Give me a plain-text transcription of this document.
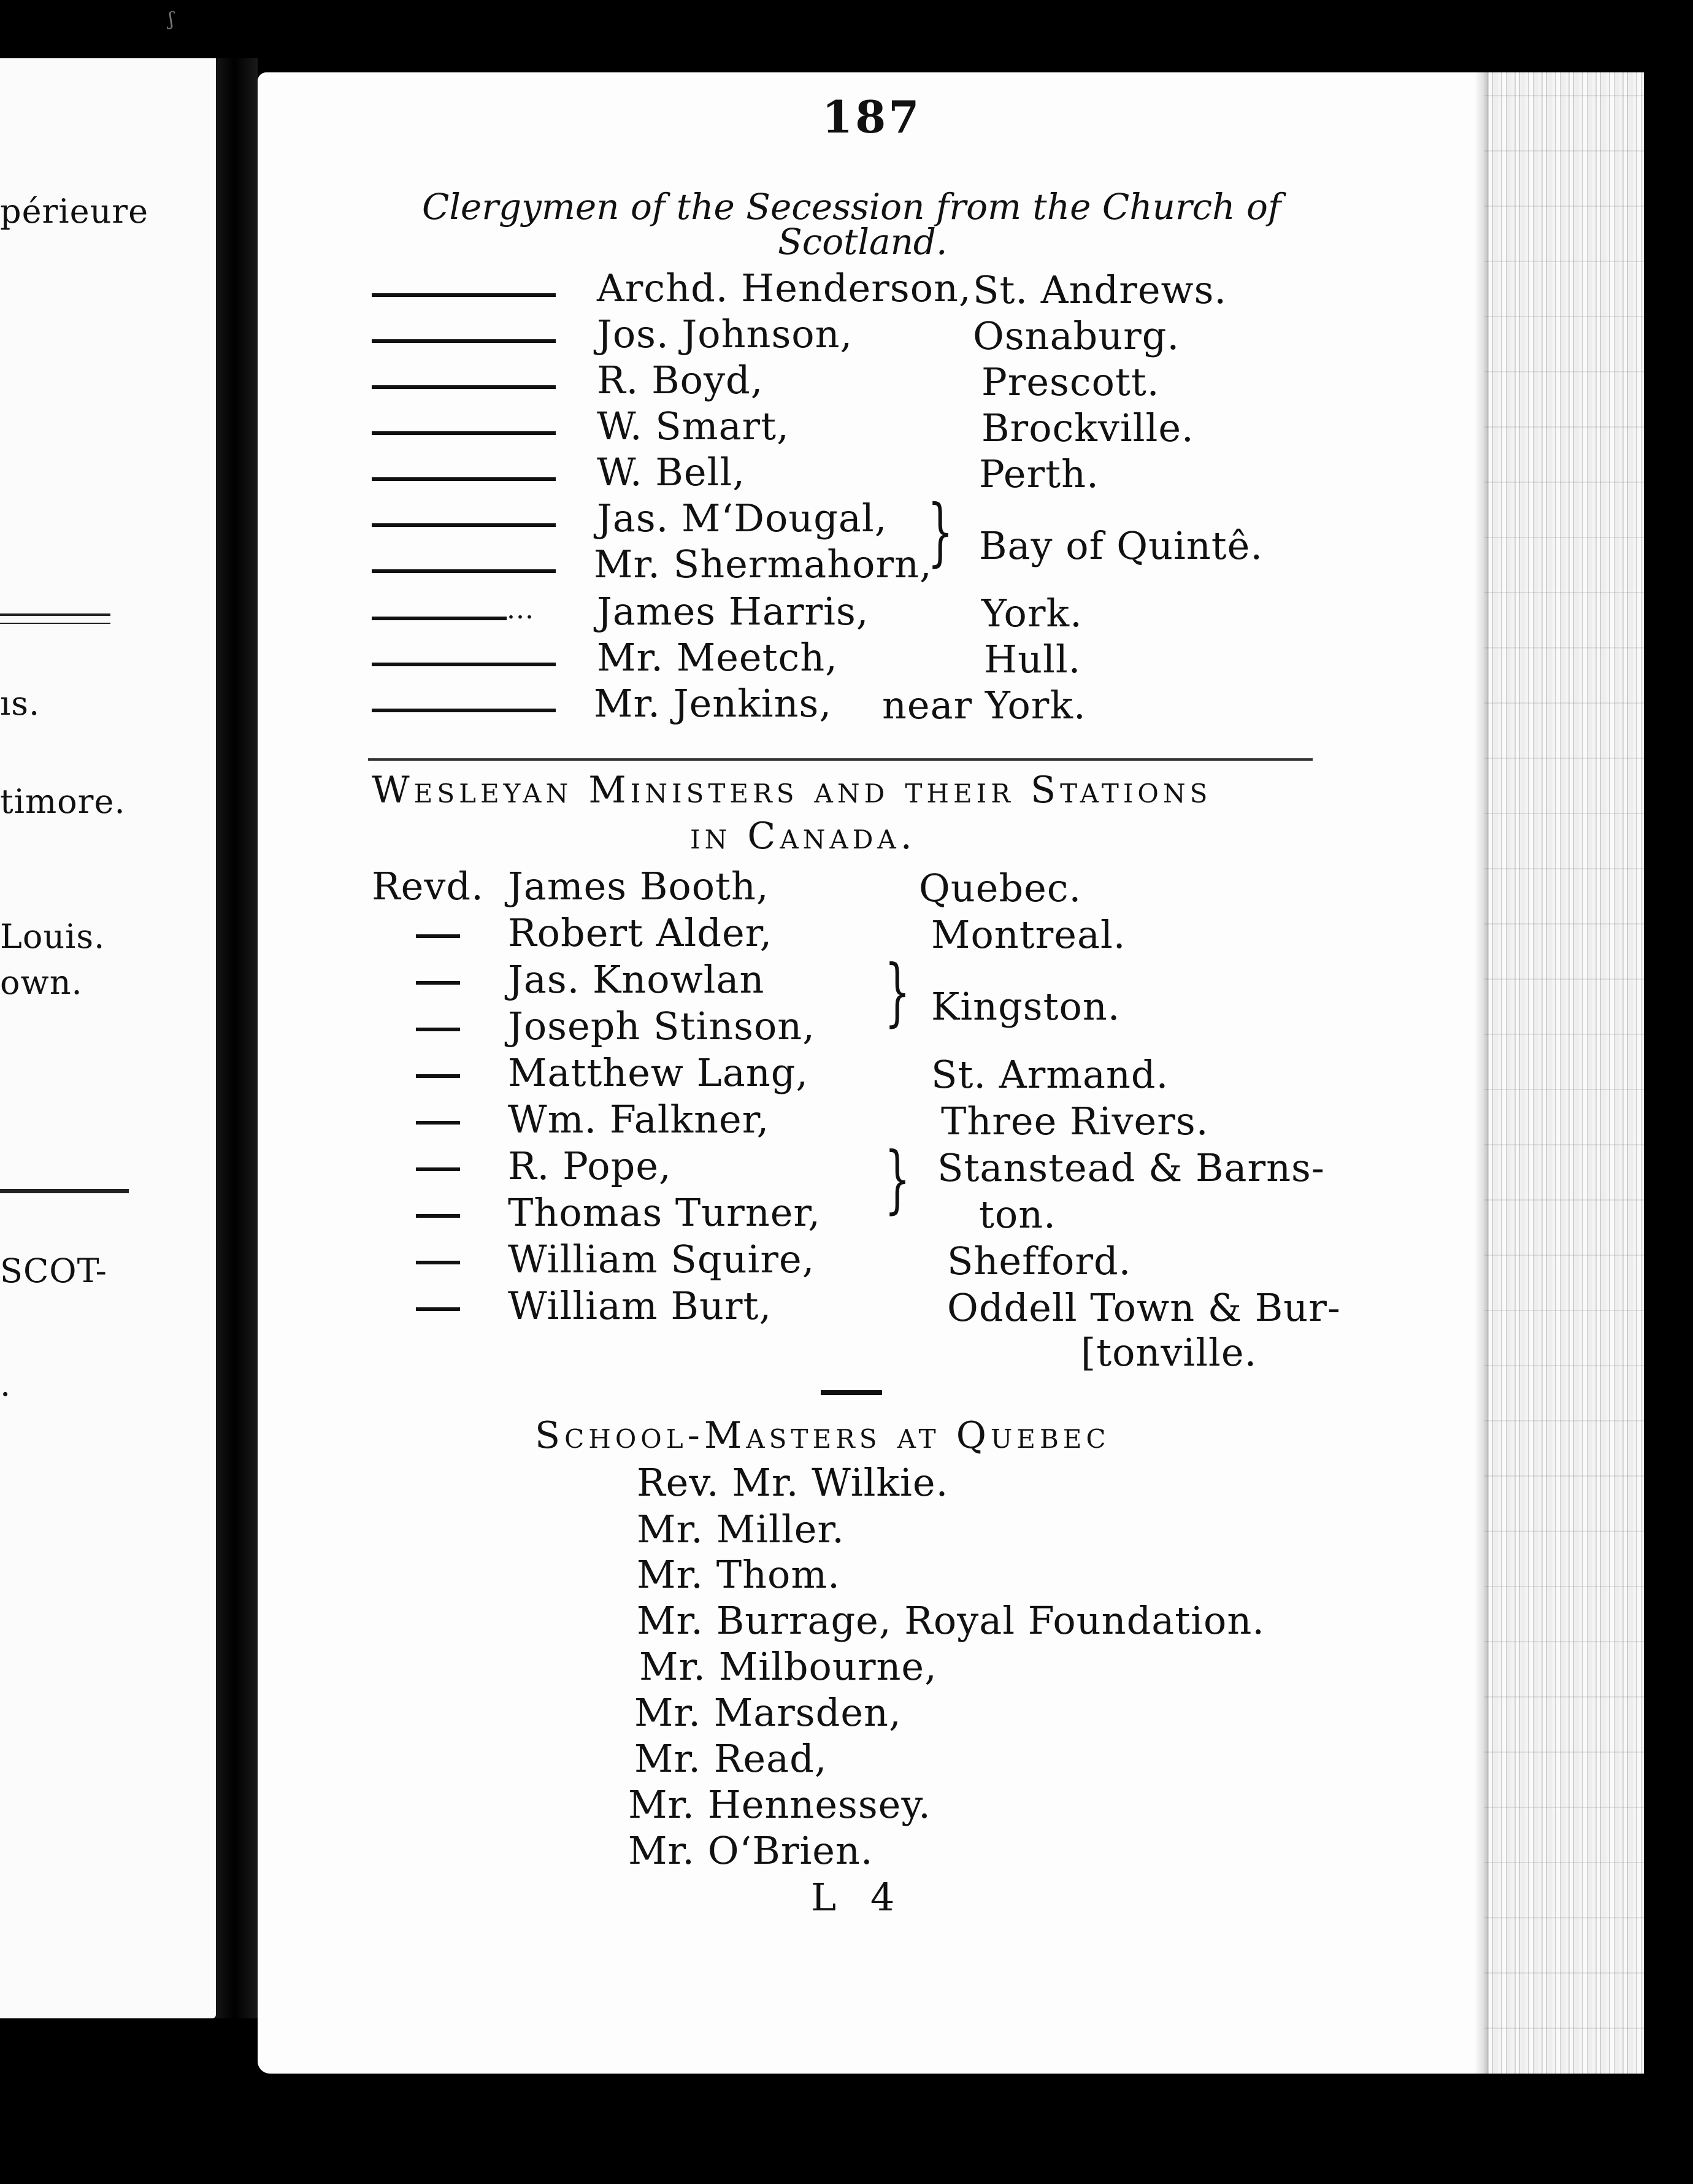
ʃ
périeure
ıs.
timore.
Louis.
own.
SCOT-
.
187
Clergymen of the Secession from the Church of
Scotland.
Archd. Henderson, St. Andrews.
Jos. Johnson,	Osnaburg.
R. Boyd,	Prescott.
W. Smart,	Brockville.
W. Bell,	Perth.
Jas. M‘Dougal,
Mr. Shermahorn,
} Bay of Quintê.
... James Harris,	York.
Mr. Meetch,	Hull.
Mr. Jenkins, near York.
Wesleyan Ministers and their Stations
in Canada.
Revd. James Booth,	Quebec.
Robert Alder,	Montreal.
Jas. Knowlan
Joseph Stinson, } Kingston.
Matthew Lang,	St. Armand.
Wm. Falkner,	Three Rivers.
R. Pope,	Stanstead & Barns-
Thomas Turner, } ton.
William Squire,	Shefford.
William Burt,	Oddell Town & Bur-
[tonville.
School-Masters at Quebec
Rev. Mr. Wilkie.
Mr. Miller.
Mr. Thom.
Mr. Burrage, Royal Foundation.
Mr. Milbourne,
Mr. Marsden,
Mr. Read,
Mr. Hennessey.
Mr. O‘Brien.
L 4
